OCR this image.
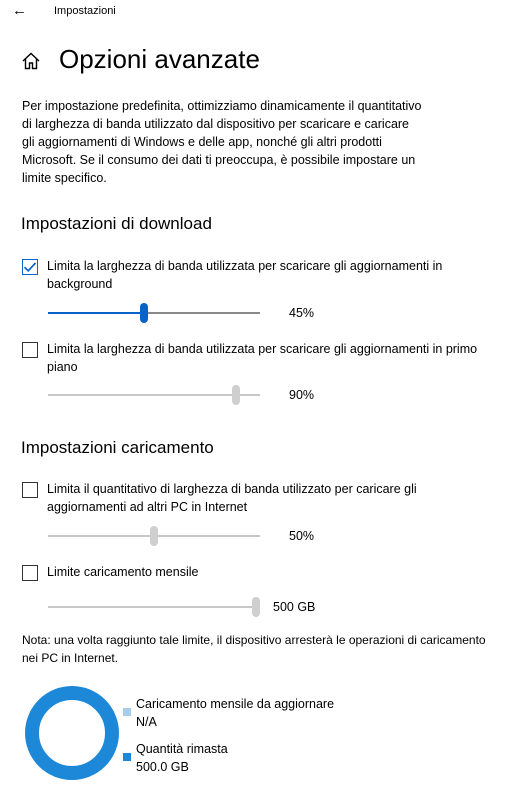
←	Impostazioni
Opzioni avanzate
Per impostazione predefinita, ottimizziamo dinamicamente il quantitativo di larghezza di banda utilizzato dal dispositivo per scaricare e caricare gli aggiornamenti di Windows e delle app, nonché gli altri prodotti Microsoft. Se il consumo dei dati ti preoccupa, è possibile impostare un limite specifico.
Impostazioni di download
Limita la larghezza di banda utilizzata per scaricare gli aggiornamenti in background
45%
Limita la larghezza di banda utilizzata per scaricare gli aggiornamenti in primo piano
90%
Impostazioni caricamento
Limita il quantitativo di larghezza di banda utilizzato per caricare gli aggiornamenti ad altri PC in Internet
50%
Limite caricamento mensile
500 GB
Nota: una volta raggiunto tale limite, il dispositivo arresterà le operazioni di caricamento nei PC in Internet.
Caricamento mensile da aggiornare
N/A
Quantità rimasta
500.0 GB
